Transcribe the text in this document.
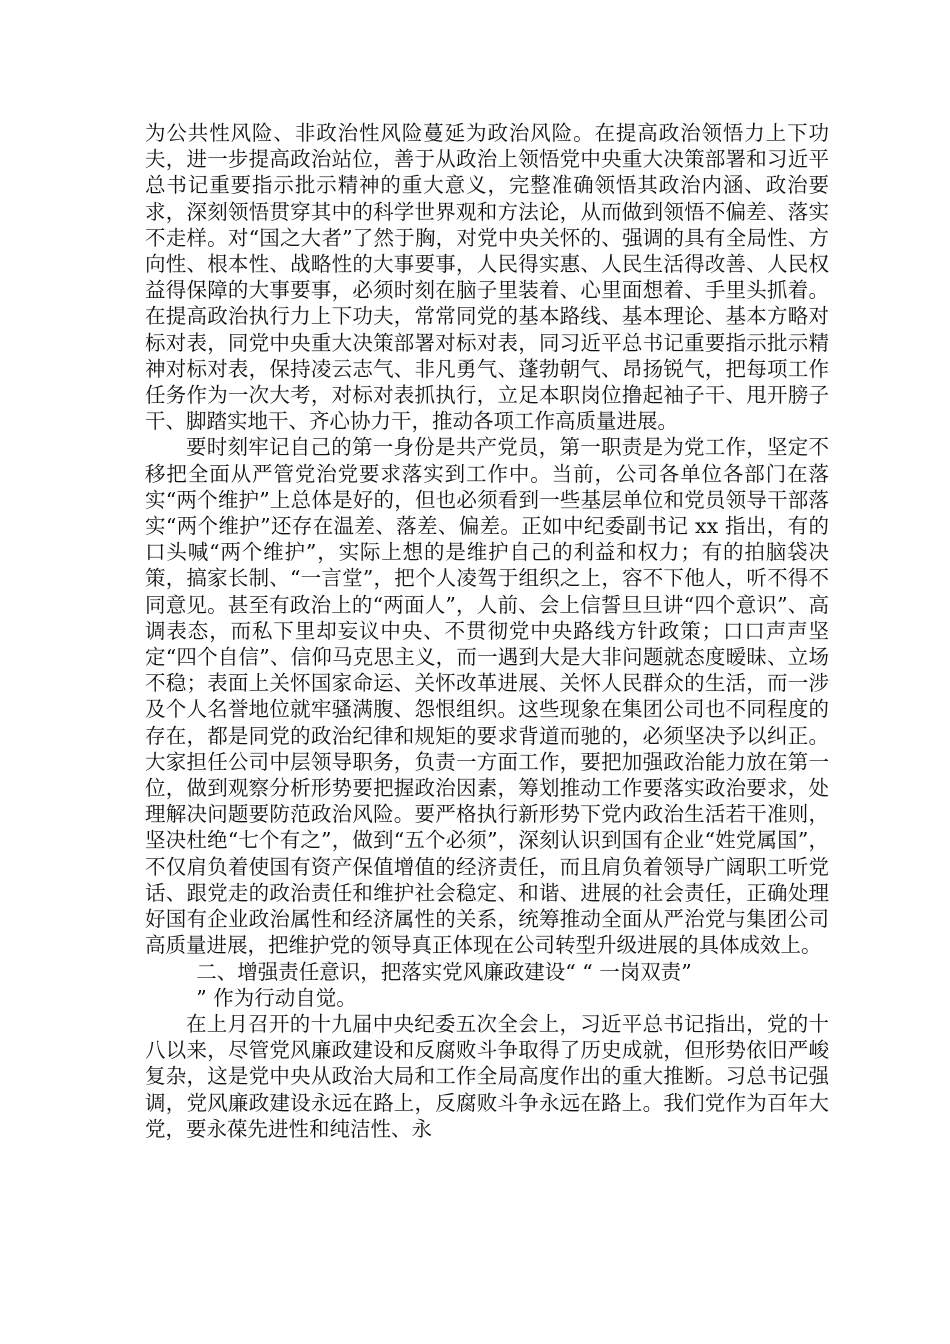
为公共性风险、非政治性风险蔓延为政治风险。在提高政治领悟力上下功夫，进一步提高政治站位，善于从政治上领悟党中央重大决策部署和习近平总书记重要指示批示精神的重大意义，完整准确领悟其政治内涵、政治要求，深刻领悟贯穿其中的科学世界观和方法论，从而做到领悟不偏差、落实不走样。对“国之大者”了然于胸，对党中央关怀的、强调的具有全局性、方向性、根本性、战略性的大事要事，人民得实惠、人民生活得改善、人民权益得保障的大事要事，必须时刻在脑子里装着、心里面想着、手里头抓着。在提高政治执行力上下功夫，常常同党的基本路线、基本理论、基本方略对标对表，同党中央重大决策部署对标对表，同习近平总书记重要指示批示精神对标对表，保持凌云志气、非凡勇气、蓬勃朝气、昂扬锐气，把每项工作任务作为一次大考，对标对表抓执行，立足本职岗位撸起袖子干、甩开膀子干、脚踏实地干、齐心协力干，推动各项工作高质量进展。

要时刻牢记自己的第一身份是共产党员，第一职责是为党工作，坚定不移把全面从严管党治党要求落实到工作中。当前，公司各单位各部门在落实“两个维护”上总体是好的，但也必须看到一些基层单位和党员领导干部落实“两个维护”还存在温差、落差、偏差。正如中纪委副书记 xx 指出，有的口头喊“两个维护”，实际上想的是维护自己的利益和权力；有的拍脑袋决策，搞家长制、“一言堂”，把个人凌驾于组织之上，容不下他人，听不得不同意见。甚至有政治上的“两面人”，人前、会上信誓旦旦讲“四个意识”、高调表态，而私下里却妄议中央、不贯彻党中央路线方针政策；口口声声坚定“四个自信”、信仰马克思主义，而一遇到大是大非问题就态度暧昧、立场不稳；表面上关怀国家命运、关怀改革进展、关怀人民群众的生活，而一涉及个人名誉地位就牢骚满腹、怨恨组织。这些现象在集团公司也不同程度的存在，都是同党的政治纪律和规矩的要求背道而驰的，必须坚决予以纠正。大家担任公司中层领导职务，负责一方面工作，要把加强政治能力放在第一位，做到观察分析形势要把握政治因素，筹划推动工作要落实政治要求，处理解决问题要防范政治风险。要严格执行新形势下党内政治生活若干准则，坚决杜绝“七个有之”，做到“五个必须”，深刻认识到国有企业“姓党属国”，不仅肩负着使国有资产保值增值的经济责任，而且肩负着领导广阔职工听党话、跟党走的政治责任和维护社会稳定、和谐、进展的社会责任，正确处理好国有企业政治属性和经济属性的关系，统筹推动全面从严治党与集团公司高质量进展，把维护党的领导真正体现在公司转型升级进展的具体成效上。

二、增强责任意识，把落实党风廉政建设“ “ 一岗双责”
” 作为行动自觉。

在上月召开的十九届中央纪委五次全会上，习近平总书记指出，党的十八以来，尽管党风廉政建设和反腐败斗争取得了历史成就，但形势依旧严峻复杂，这是党中央从政治大局和工作全局高度作出的重大推断。习总书记强调，党风廉政建设永远在路上，反腐败斗争永远在路上。我们党作为百年大党，要永葆先进性和纯洁性、永
